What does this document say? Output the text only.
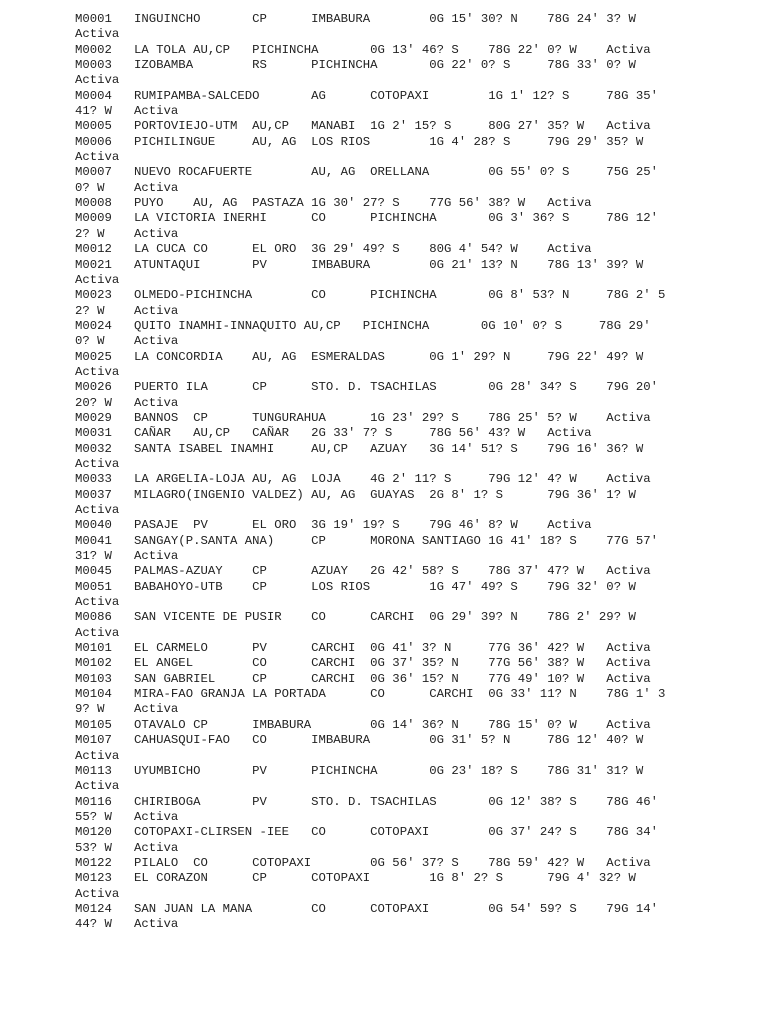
M0001   INGUINCHO       CP      IMBABURA        0G 15' 30? N    78G 24' 3? W
Activa
M0002   LA TOLA AU,CP   PICHINCHA       0G 13' 46? S    78G 22' 0? W    Activa
M0003   IZOBAMBA        RS      PICHINCHA       0G 22' 0? S     78G 33' 0? W
Activa
M0004   RUMIPAMBA-SALCEDO       AG      COTOPAXI        1G 1' 12? S     78G 35'
41? W   Activa
M0005   PORTOVIEJO-UTM  AU,CP   MANABI  1G 2' 15? S     80G 27' 35? W   Activa
M0006   PICHILINGUE     AU, AG  LOS RIOS        1G 4' 28? S     79G 29' 35? W
Activa
M0007   NUEVO ROCAFUERTE        AU, AG  ORELLANA        0G 55' 0? S     75G 25'
0? W    Activa
M0008   PUYO    AU, AG  PASTAZA 1G 30' 27? S    77G 56' 38? W   Activa
M0009   LA VICTORIA INERHI      CO      PICHINCHA       0G 3' 36? S     78G 12'
2? W    Activa
M0012   LA CUCA CO      EL ORO  3G 29' 49? S    80G 4' 54? W    Activa
M0021   ATUNTAQUI       PV      IMBABURA        0G 21' 13? N    78G 13' 39? W
Activa
M0023   OLMEDO-PICHINCHA        CO      PICHINCHA       0G 8' 53? N     78G 2' 5
2? W    Activa
M0024   QUITO INAMHI-INNAQUITO AU,CP   PICHINCHA       0G 10' 0? S     78G 29'
0? W    Activa
M0025   LA CONCORDIA    AU, AG  ESMERALDAS      0G 1' 29? N     79G 22' 49? W
Activa
M0026   PUERTO ILA      CP      STO. D. TSACHILAS       0G 28' 34? S    79G 20'
20? W   Activa
M0029   BANNOS  CP      TUNGURAHUA      1G 23' 29? S    78G 25' 5? W    Activa
M0031   CAÑAR   AU,CP   CAÑAR   2G 33' 7? S     78G 56' 43? W   Activa
M0032   SANTA ISABEL INAMHI     AU,CP   AZUAY   3G 14' 51? S    79G 16' 36? W
Activa
M0033   LA ARGELIA-LOJA AU, AG  LOJA    4G 2' 11? S     79G 12' 4? W    Activa
M0037   MILAGRO(INGENIO VALDEZ) AU, AG  GUAYAS  2G 8' 1? S      79G 36' 1? W
Activa
M0040   PASAJE  PV      EL ORO  3G 19' 19? S    79G 46' 8? W    Activa
M0041   SANGAY(P.SANTA ANA)     CP      MORONA SANTIAGO 1G 41' 18? S    77G 57'
31? W   Activa
M0045   PALMAS-AZUAY    CP      AZUAY   2G 42' 58? S    78G 37' 47? W   Activa
M0051   BABAHOYO-UTB    CP      LOS RIOS        1G 47' 49? S    79G 32' 0? W
Activa
M0086   SAN VICENTE DE PUSIR    CO      CARCHI  0G 29' 39? N    78G 2' 29? W
Activa
M0101   EL CARMELO      PV      CARCHI  0G 41' 3? N     77G 36' 42? W   Activa
M0102   EL ANGEL        CO      CARCHI  0G 37' 35? N    77G 56' 38? W   Activa
M0103   SAN GABRIEL     CP      CARCHI  0G 36' 15? N    77G 49' 10? W   Activa
M0104   MIRA-FAO GRANJA LA PORTADA      CO      CARCHI  0G 33' 11? N    78G 1' 3
9? W    Activa
M0105   OTAVALO CP      IMBABURA        0G 14' 36? N    78G 15' 0? W    Activa
M0107   CAHUASQUI-FAO   CO      IMBABURA        0G 31' 5? N     78G 12' 40? W
Activa
M0113   UYUMBICHO       PV      PICHINCHA       0G 23' 18? S    78G 31' 31? W
Activa
M0116   CHIRIBOGA       PV      STO. D. TSACHILAS       0G 12' 38? S    78G 46'
55? W   Activa
M0120   COTOPAXI-CLIRSEN -IEE   CO      COTOPAXI        0G 37' 24? S    78G 34'
53? W   Activa
M0122   PILALO  CO      COTOPAXI        0G 56' 37? S    78G 59' 42? W   Activa
M0123   EL CORAZON      CP      COTOPAXI        1G 8' 2? S      79G 4' 32? W
Activa
M0124   SAN JUAN LA MANA        CO      COTOPAXI        0G 54' 59? S    79G 14'
44? W   Activa
